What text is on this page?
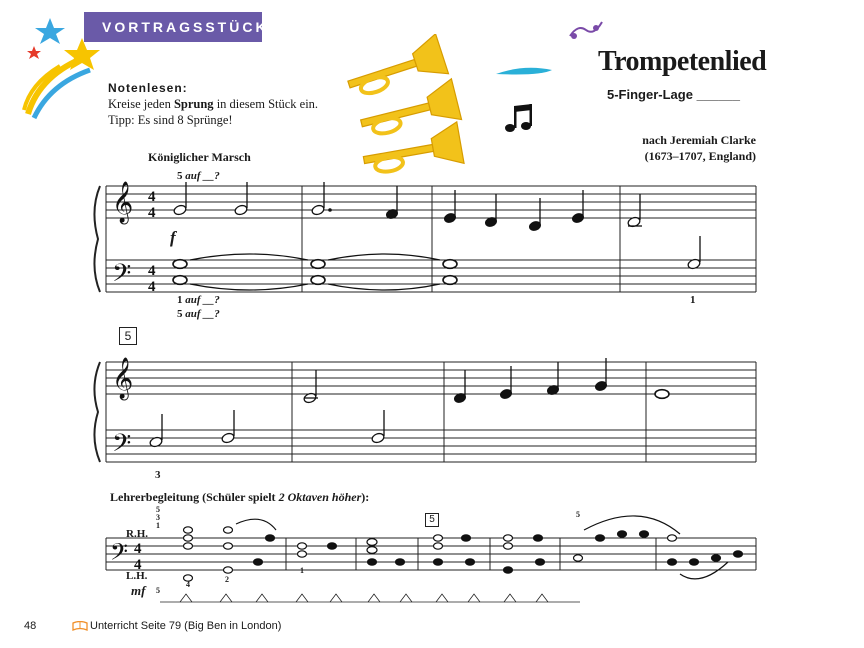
VORTRAGSSTÜCK
Trompetenlied
5-Finger-Lage ______
Notenlesen:
Kreise jeden Sprung in diesem Stück ein.
Tipp: Es sind 8 Sprünge!
nach Jeremiah Clarke
(1673–1707, England)
Königlicher Marsch
5 auf __?
f
1 auf __?
5 auf __?
1
5
3
𝄞
𝄢
𝄞
𝄢
𝄢
4
4
4
4
4
4
Lehrerbegleitung (Schüler spielt 2 Oktaven höher):
R.H.
L.H.
mf
5
5
3
1
4
2
1
5
5
48	Unterricht Seite 79 (Big Ben in London)
